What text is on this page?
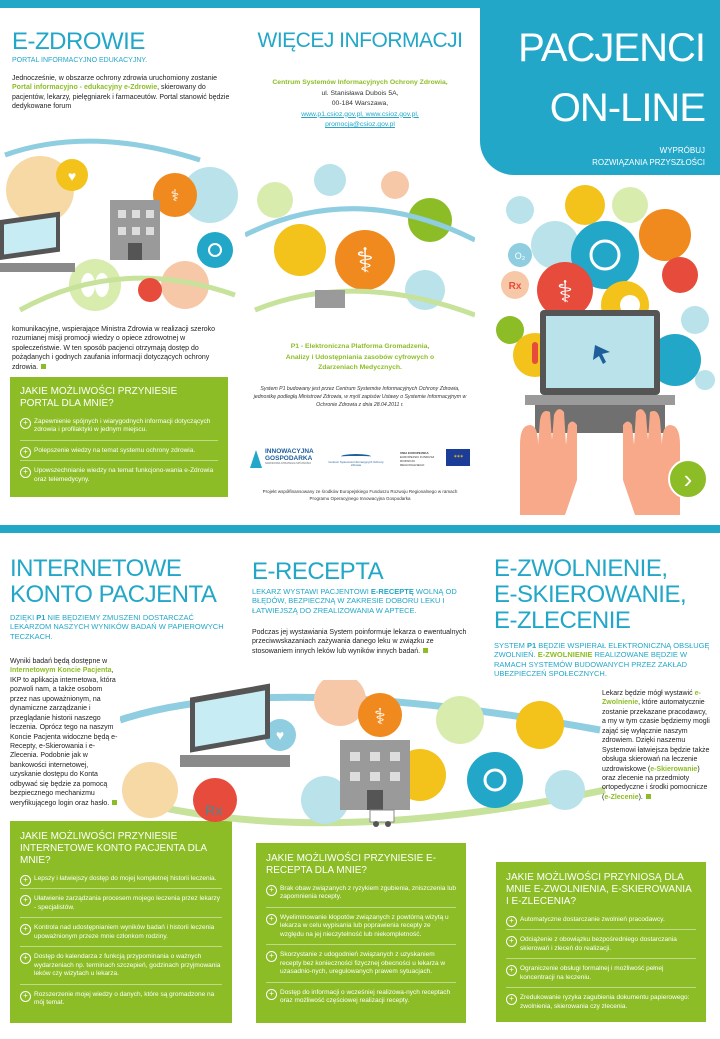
E-ZDROWIE
PORTAL INFORMACYJNO EDUKACYJNY.
Jednocześnie, w obszarze ochrony zdrowia uruchomiony zostanie Portal informacyjno - edukacyjny e-Zdrowie, skierowany do pacjentów, lekarzy, pielęgniarek i farmaceutów. Portal stanowić będzie dedykowane forum
⚕
♥
komunikacyjne, wspierające Ministra Zdrowia w realizacji szeroko rozumianej misji promocji wiedzy o opiece zdrowotnej w społeczeństwie. W ten sposób pacjenci otrzymają dostęp do pożądanych i godnych zaufania informacji dotyczących ochrony zdrowia.
JAKIE MOŻLIWOŚCI PRZYNIESIE PORTAL DLA MNIE?
+ Zapewnienie spójnych i wiarygodnych informacji dotyczących zdrowia i profilaktyki w jednym miejscu.
+ Polepszenie wiedzy na temat systemu ochrony zdrowia.
+ Upowszechnianie wiedzy na temat funkcjono-wania e-Zdrowia oraz telemedycyny.
WIĘCEJ INFORMACJI
Centrum Systemów Informacyjnych Ochrony Zdrowia,
ul. Stanisława Dubois 5A,
00-184 Warszawa,
www.p1.csioz.gov.pl, www.csioz.gov.pl,
promocja@csioz.gov.pl
⚕
P1 - Elektroniczna Platforma Gromadzenia, Analizy i Udostępniania zasobów cyfrowych o Zdarzeniach Medycznych.
System P1 budowany jest przez Centrum Systemów Informacyjnych Ochrony Zdrowia, jednostkę podległą Ministrowi Zdrowia, w myśl zapisów Ustawy o Systemie Informacyjnym w Ochronie Zdrowia z dnia 28.04.2011 r.
INNOWACYJNA
GOSPODARKA
NARODOWA STRATEGIA SPÓJNOŚCI	Centrum Systemów Informacyjnych Ochrony Zdrowia
UNIA EUROPEJSKA
EUROPEJSKI FUNDUSZ ROZWOJU REGIONALNEGO
✶✶✶
Projekt współfinansowany ze środków Europejskiego Funduszu Rozwoju Regionalnego w ramach Programu Operacyjnego Innowacyjna Gospodarka
PACJENCI
ON-LINE
WYPRÓBUJ
ROZWIĄZANIA PRZYSZŁOŚCI
O₂
Rx ⚕
›
INTERNETOWE
KONTO PACJENTA
DZIĘKI P1 NIE BĘDZIEMY ZMUSZENI DOSTARCZAĆ LEKARZOM NASZYCH WYNIKÓW BADAŃ W PAPIEROWYCH TECZKACH.
Wyniki badań będą dostępne w Internetowym Koncie Pacjenta, IKP to aplikacja internetowa, która pozwoli nam, a także osobom przez nas upoważnionym, na dynamiczne zarządzanie i przeglądanie historii naszego leczenia. Oprócz tego na naszym Koncie Pacjenta widoczne będą e-Recepty, e-Skierowania i e-Zlecenia. Podobnie jak w bankowości internetowej, uzyskanie dostępu do Konta odbywać się będzie za pomocą bezpiecznego mechanizmu weryfikującego login oraz hasło.
JAKIE MOŻLIWOŚCI PRZYNIESIE INTERNETOWE KONTO PACJENTA DLA MNIE?
+ Lepszy i łatwiejszy dostęp do mojej kompletnej historii leczenia.
+ Ułatwienie zarządzania procesem mojego leczenia przez lekarzy - specjalistów.
+ Kontrola nad udostępnianiem wyników badań i historii leczenia upoważnionym przeze mnie członkom rodziny.
+ Dostęp do kalendarza z funkcją przypominania o ważnych wydarzeniach np. terminach szczepień, godzinach przyjmowania leków czy wizytach u lekarza.
+ Rozszerzenie mojej wiedzy o danych, które są gromadzone na mój temat.
⚕
♥
Rx
E-RECEPTA
LEKARZ WYSTAWI PACJENTOWI E-RECEPTĘ WOLNĄ OD BŁĘDÓW, BEZPIECZNĄ W ZAKRESIE DOBORU LEKU I ŁATWIEJSZĄ DO ZREALIZOWANIA W APTECE.
Podczas jej wystawiania System poinformuje lekarza o ewentualnych przeciwwskazaniach zażywania danego leku w związku ze stosowaniem innych leków lub wyników innych badań.
JAKIE MOŻLIWOŚCI PRZYNIESIE E-RECEPTA DLA MNIE?
+ Brak obaw związanych z ryzykiem zgubienia, zniszczenia lub zapomnienia recepty.
+ Wyeliminowanie kłopotów związanych z powtórną wizytą u lekarza w celu wypisania lub poprawienia recepty ze względu na jej nieczytelność lub niekompletność.
+ Skorzystanie z udogodnień związanych z uzyskaniem recepty bez konieczności fizycznej obecności u lekarza w uzasadnio-nych, uregulowanych prawem sytuacjach.
+ Dostęp do informacji o wcześniej realizowa-nych receptach oraz możliwość częściowej realizacji recepty.
E-ZWOLNIENIE,
E-SKIEROWANIE,
E-ZLECENIE
SYSTEM P1 BĘDZIE WSPIERAŁ ELEKTRONICZNĄ OBSŁUGĘ ZWOLNIEŃ. E-ZWOLNIENIE REALIZOWANE BĘDZIE W RAMACH SYSTEMÓW BUDOWANYCH PRZEZ ZAKŁAD UBEZPIECZEŃ SPOŁECZNYCH.
Lekarz będzie mógł wystawić e-Zwolnienie, które automatycznie zostanie przekazane pracodawcy, a my w tym czasie będziemy mogli zająć się wyłącznie naszym zdrowiem. Dzięki naszemu Systemowi łatwiejsza będzie także obsługa skierowań na leczenie uzdrowiskowe (e-Skierowanie) oraz zlecenie na przedmioty ortopedyczne i środki pomocnicze (e-Zlecenie).
JAKIE MOŻLIWOŚCI PRZYNIOSĄ DLA MNIE E-ZWOLNIENIA, E-SKIEROWANIA I E-ZLECENIA?
+ Automatyczne dostarczanie zwolnień pracodawcy.
+ Odciążenie z obowiązku bezpośredniego dostarczania skierowań i zleceń do realizacji.
+ Ograniczenie obsługi formalnej i możliwość pełnej koncentracji na leczeniu.
+ Zredukowanie ryzyka zagubienia dokumentu papierowego: zwolnienia, skierowania czy zlecenia.
